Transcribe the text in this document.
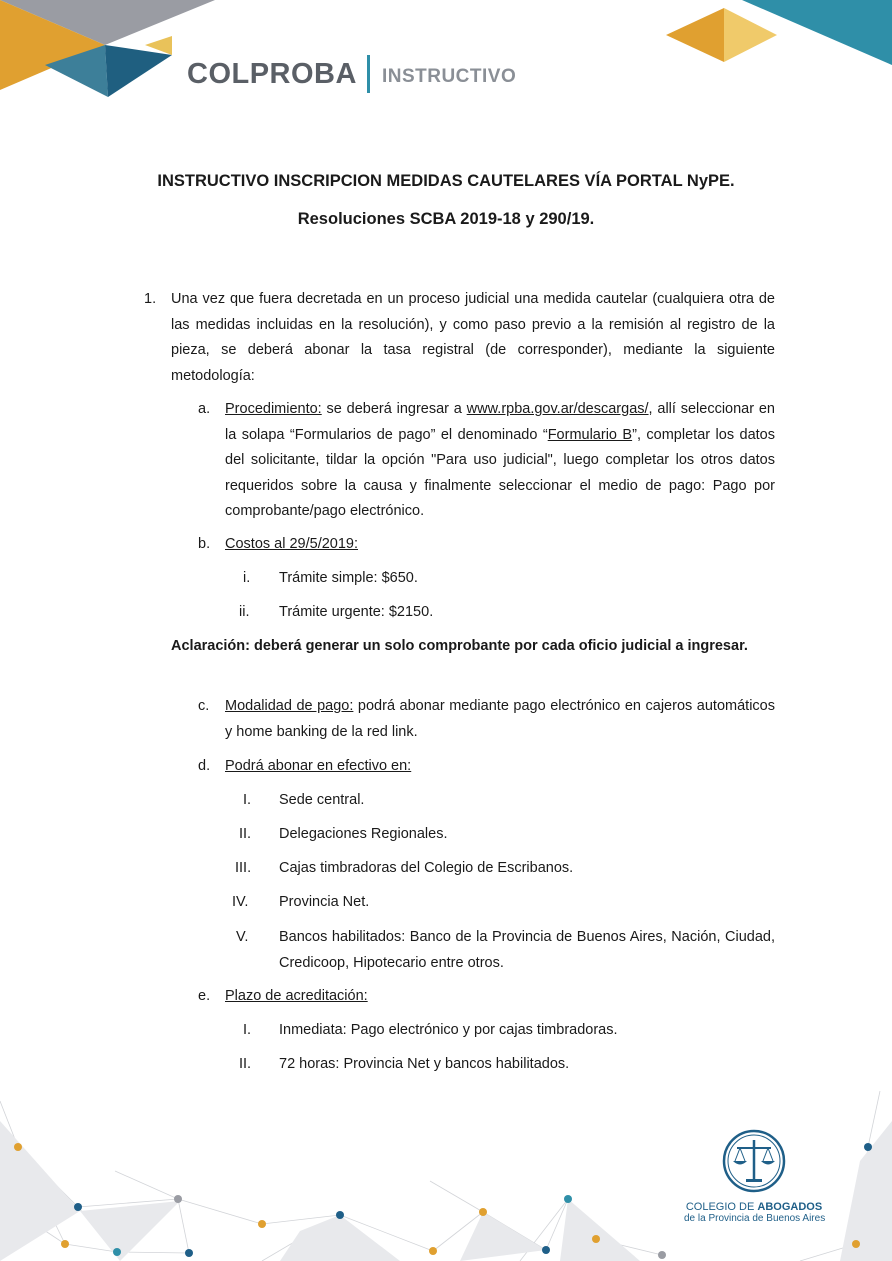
COLPROBA INSTRUCTIVO
INSTRUCTIVO INSCRIPCION MEDIDAS CAUTELARES VÍA PORTAL NyPE.
Resoluciones SCBA 2019-18 y 290/19.
1. Una vez que fuera decretada en un proceso judicial una medida cautelar (cualquiera otra de las medidas incluidas en la resolución), y como paso previo a la remisión al registro de la pieza, se deberá abonar la tasa registral (de corresponder), mediante la siguiente metodología:
a. Procedimiento: se deberá ingresar a www.rpba.gov.ar/descargas/, allí seleccionar en la solapa “Formularios de pago” el denominado “Formulario B”, completar los datos del solicitante, tildar la opción "Para uso judicial", luego completar los otros datos requeridos sobre la causa y finalmente seleccionar el medio de pago: Pago por comprobante/pago electrónico.
b. Costos al 29/5/2019:
i. Trámite simple: $650.
ii. Trámite urgente: $2150.
Aclaración: deberá generar un solo comprobante por cada oficio judicial a ingresar.
c. Modalidad de pago: podrá abonar mediante pago electrónico en cajeros automáticos y home banking de la red link.
d. Podrá abonar en efectivo en:
I. Sede central.
II. Delegaciones Regionales.
III. Cajas timbradoras del Colegio de Escribanos.
IV. Provincia Net.
V. Bancos habilitados: Banco de la Provincia de Buenos Aires, Nación, Ciudad, Credicoop, Hipotecario entre otros.
e. Plazo de acreditación:
I. Inmediata: Pago electrónico y por cajas timbradoras.
II. 72 horas: Provincia Net y bancos habilitados.
COLEGIO DE ABOGADOS
de la Provincia de Buenos Aires
